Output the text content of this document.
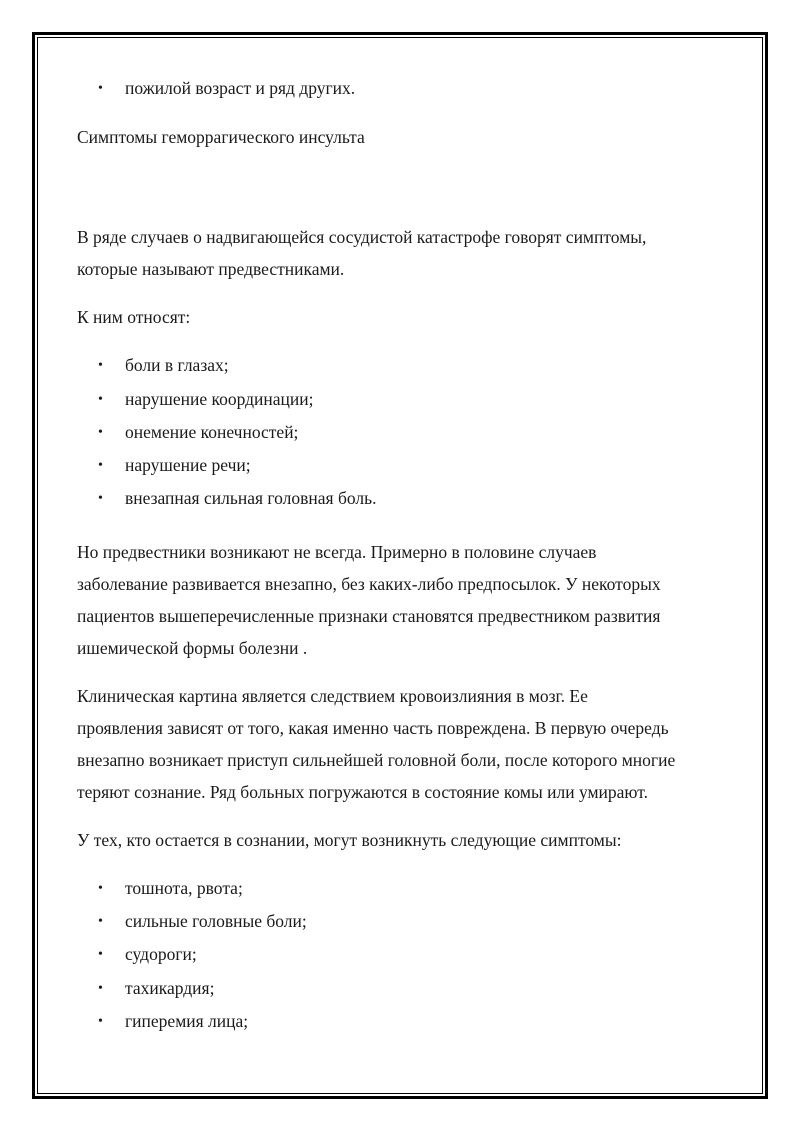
• пожилой возраст и ряд других.

Симптомы геморрагического инсульта

В ряде случаев о надвигающейся сосудистой катастрофе говорят симптомы,
которые называют предвестниками.

К ним относят:

• боли в глазах;
• нарушение координации;
• онемение конечностей;
• нарушение речи;
• внезапная сильная головная боль.

Но предвестники возникают не всегда. Примерно в половине случаев
заболевание развивается внезапно, без каких-либо предпосылок. У некоторых
пациентов вышеперечисленные признаки становятся предвестником развития
ишемической формы болезни .

Клиническая картина является следствием кровоизлияния в мозг. Ее
проявления зависят от того, какая именно часть повреждена. В первую очередь
внезапно возникает приступ сильнейшей головной боли, после которого многие
теряют сознание. Ряд больных погружаются в состояние комы или умирают.

У тех, кто остается в сознании, могут возникнуть следующие симптомы:

• тошнота, рвота;
• сильные головные боли;
• судороги;
• тахикардия;
• гиперемия лица;
